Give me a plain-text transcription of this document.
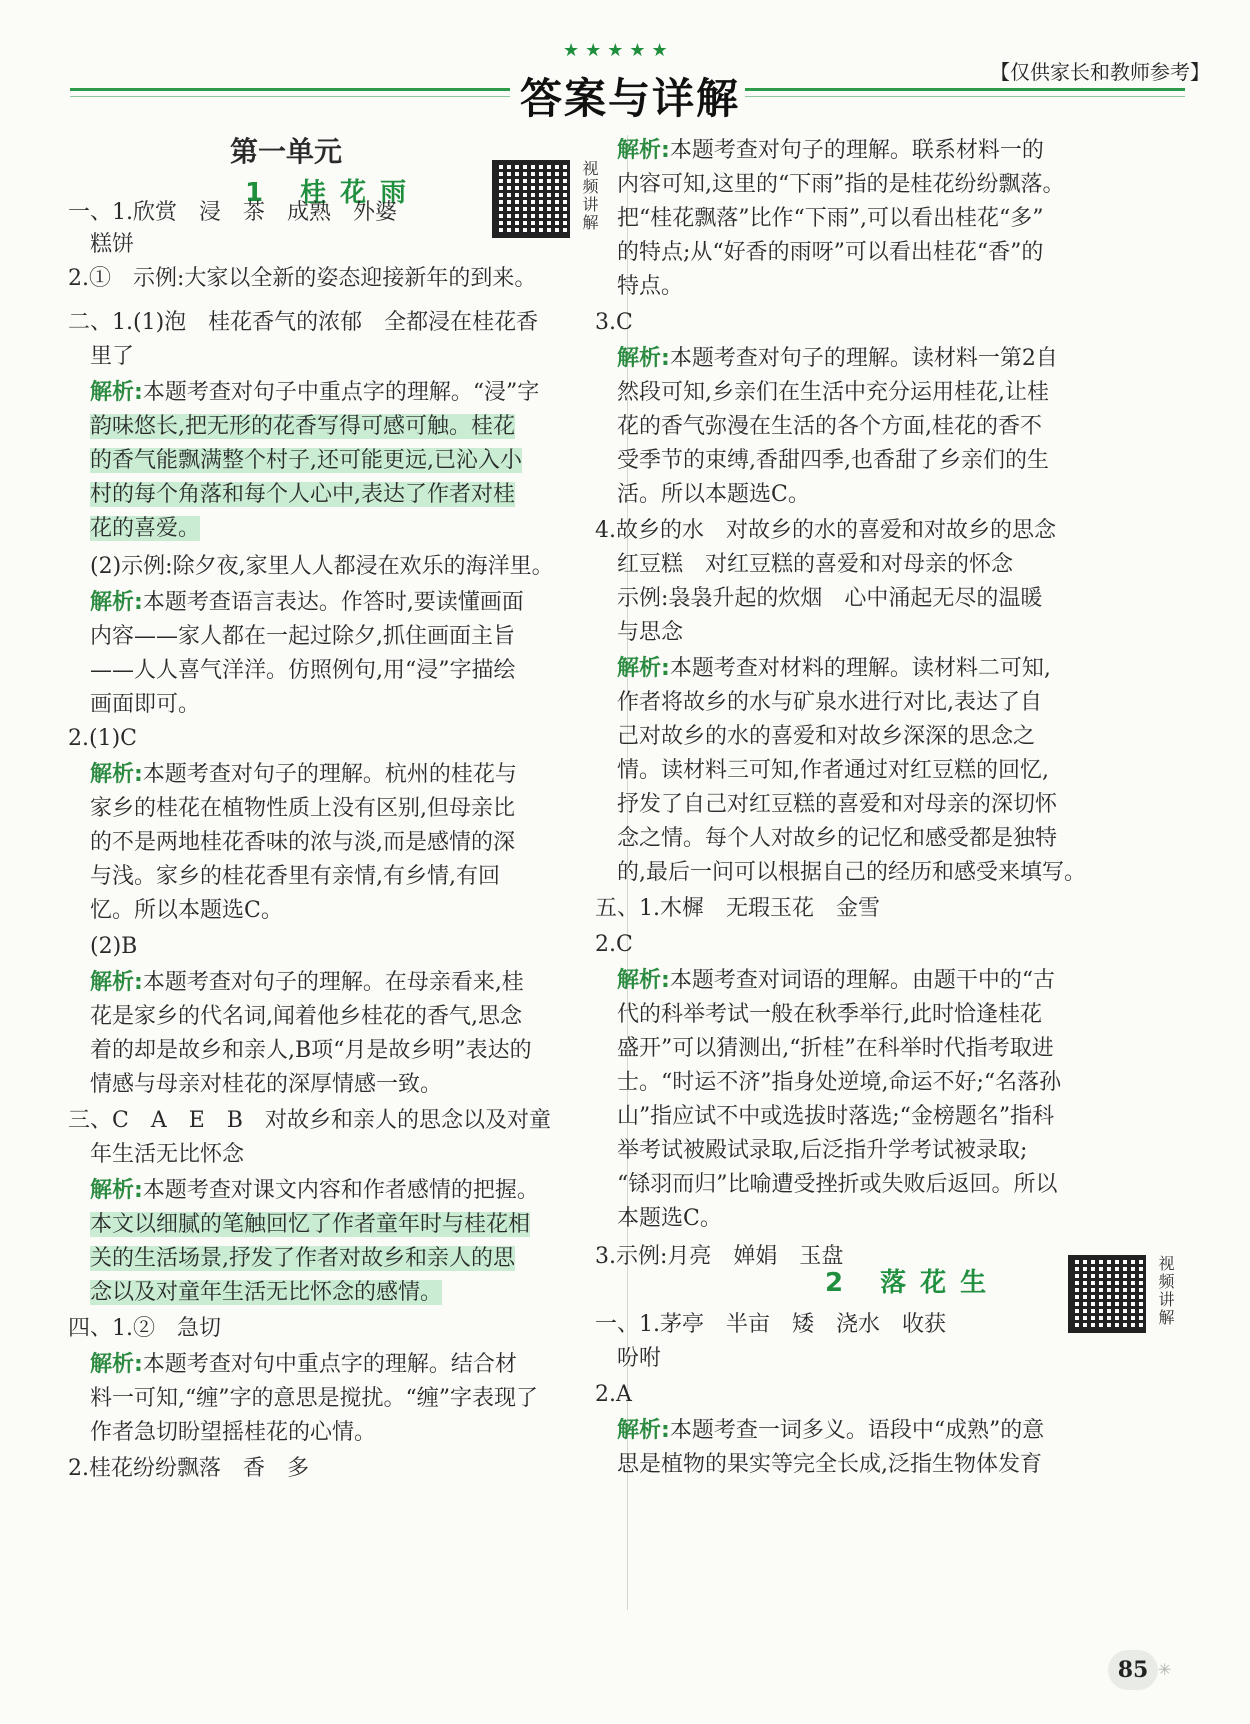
★★★★★
答案与详解
【仅供家长和教师参考】
第一单元
1 桂花雨	视频讲解
一、1.欣赏　浸　茶　成熟　外婆
糕饼
2.①　示例:大家以全新的姿态迎接新年的到来。
二、1.(1)泡　桂花香气的浓郁　全都浸在桂花香
里了
解析:本题考查对句子中重点字的理解。“浸”字
韵味悠长,把无形的花香写得可感可触。桂花
的香气能飘满整个村子,还可能更远,已沁入小
村的每个角落和每个人心中,表达了作者对桂
花的喜爱。
(2)示例:除夕夜,家里人人都浸在欢乐的海洋里。
解析:本题考查语言表达。作答时,要读懂画面
内容——家人都在一起过除夕,抓住画面主旨
——人人喜气洋洋。仿照例句,用“浸”字描绘
画面即可。
2.(1)C
解析:本题考查对句子的理解。杭州的桂花与
家乡的桂花在植物性质上没有区别,但母亲比
的不是两地桂花香味的浓与淡,而是感情的深
与浅。家乡的桂花香里有亲情,有乡情,有回
忆。所以本题选C。
(2)B
解析:本题考查对句子的理解。在母亲看来,桂
花是家乡的代名词,闻着他乡桂花的香气,思念
着的却是故乡和亲人,B项“月是故乡明”表达的
情感与母亲对桂花的深厚情感一致。
三、C　A　E　B　对故乡和亲人的思念以及对童
年生活无比怀念
解析:本题考查对课文内容和作者感情的把握。
本文以细腻的笔触回忆了作者童年时与桂花相
关的生活场景,抒发了作者对故乡和亲人的思
念以及对童年生活无比怀念的感情。
四、1.②　急切
解析:本题考查对句中重点字的理解。结合材
料一可知,“缠”字的意思是搅扰。“缠”字表现了
作者急切盼望摇桂花的心情。
2.桂花纷纷飘落　香　多
解析:本题考查对句子的理解。联系材料一的
内容可知,这里的“下雨”指的是桂花纷纷飘落。
把“桂花飘落”比作“下雨”,可以看出桂花“多”
的特点;从“好香的雨呀”可以看出桂花“香”的
特点。
3.C
解析:本题考查对句子的理解。读材料一第2自
然段可知,乡亲们在生活中充分运用桂花,让桂
花的香气弥漫在生活的各个方面,桂花的香不
受季节的束缚,香甜四季,也香甜了乡亲们的生
活。所以本题选C。
4.故乡的水　对故乡的水的喜爱和对故乡的思念
红豆糕　对红豆糕的喜爱和对母亲的怀念
示例:袅袅升起的炊烟　心中涌起无尽的温暖
与思念
解析:本题考查对材料的理解。读材料二可知,
作者将故乡的水与矿泉水进行对比,表达了自
己对故乡的水的喜爱和对故乡深深的思念之
情。读材料三可知,作者通过对红豆糕的回忆,
抒发了自己对红豆糕的喜爱和对母亲的深切怀
念之情。每个人对故乡的记忆和感受都是独特
的,最后一问可以根据自己的经历和感受来填写。
五、1.木樨　无瑕玉花　金雪
2.C
解析:本题考查对词语的理解。由题干中的“古
代的科举考试一般在秋季举行,此时恰逢桂花
盛开”可以猜测出,“折桂”在科举时代指考取进
士。“时运不济”指身处逆境,命运不好;“名落孙
山”指应试不中或选拔时落选;“金榜题名”指科
举考试被殿试录取,后泛指升学考试被录取;
“铩羽而归”比喻遭受挫折或失败后返回。所以
本题选C。
3.示例:月亮　婵娟　玉盘
一、1.茅亭　半亩　矮　浇水　收获
吩咐
2.A
解析:本题考查一词多义。语段中“成熟”的意
思是植物的果实等完全长成,泛指生物体发育
2 落花生	视频讲解
85 ✳
